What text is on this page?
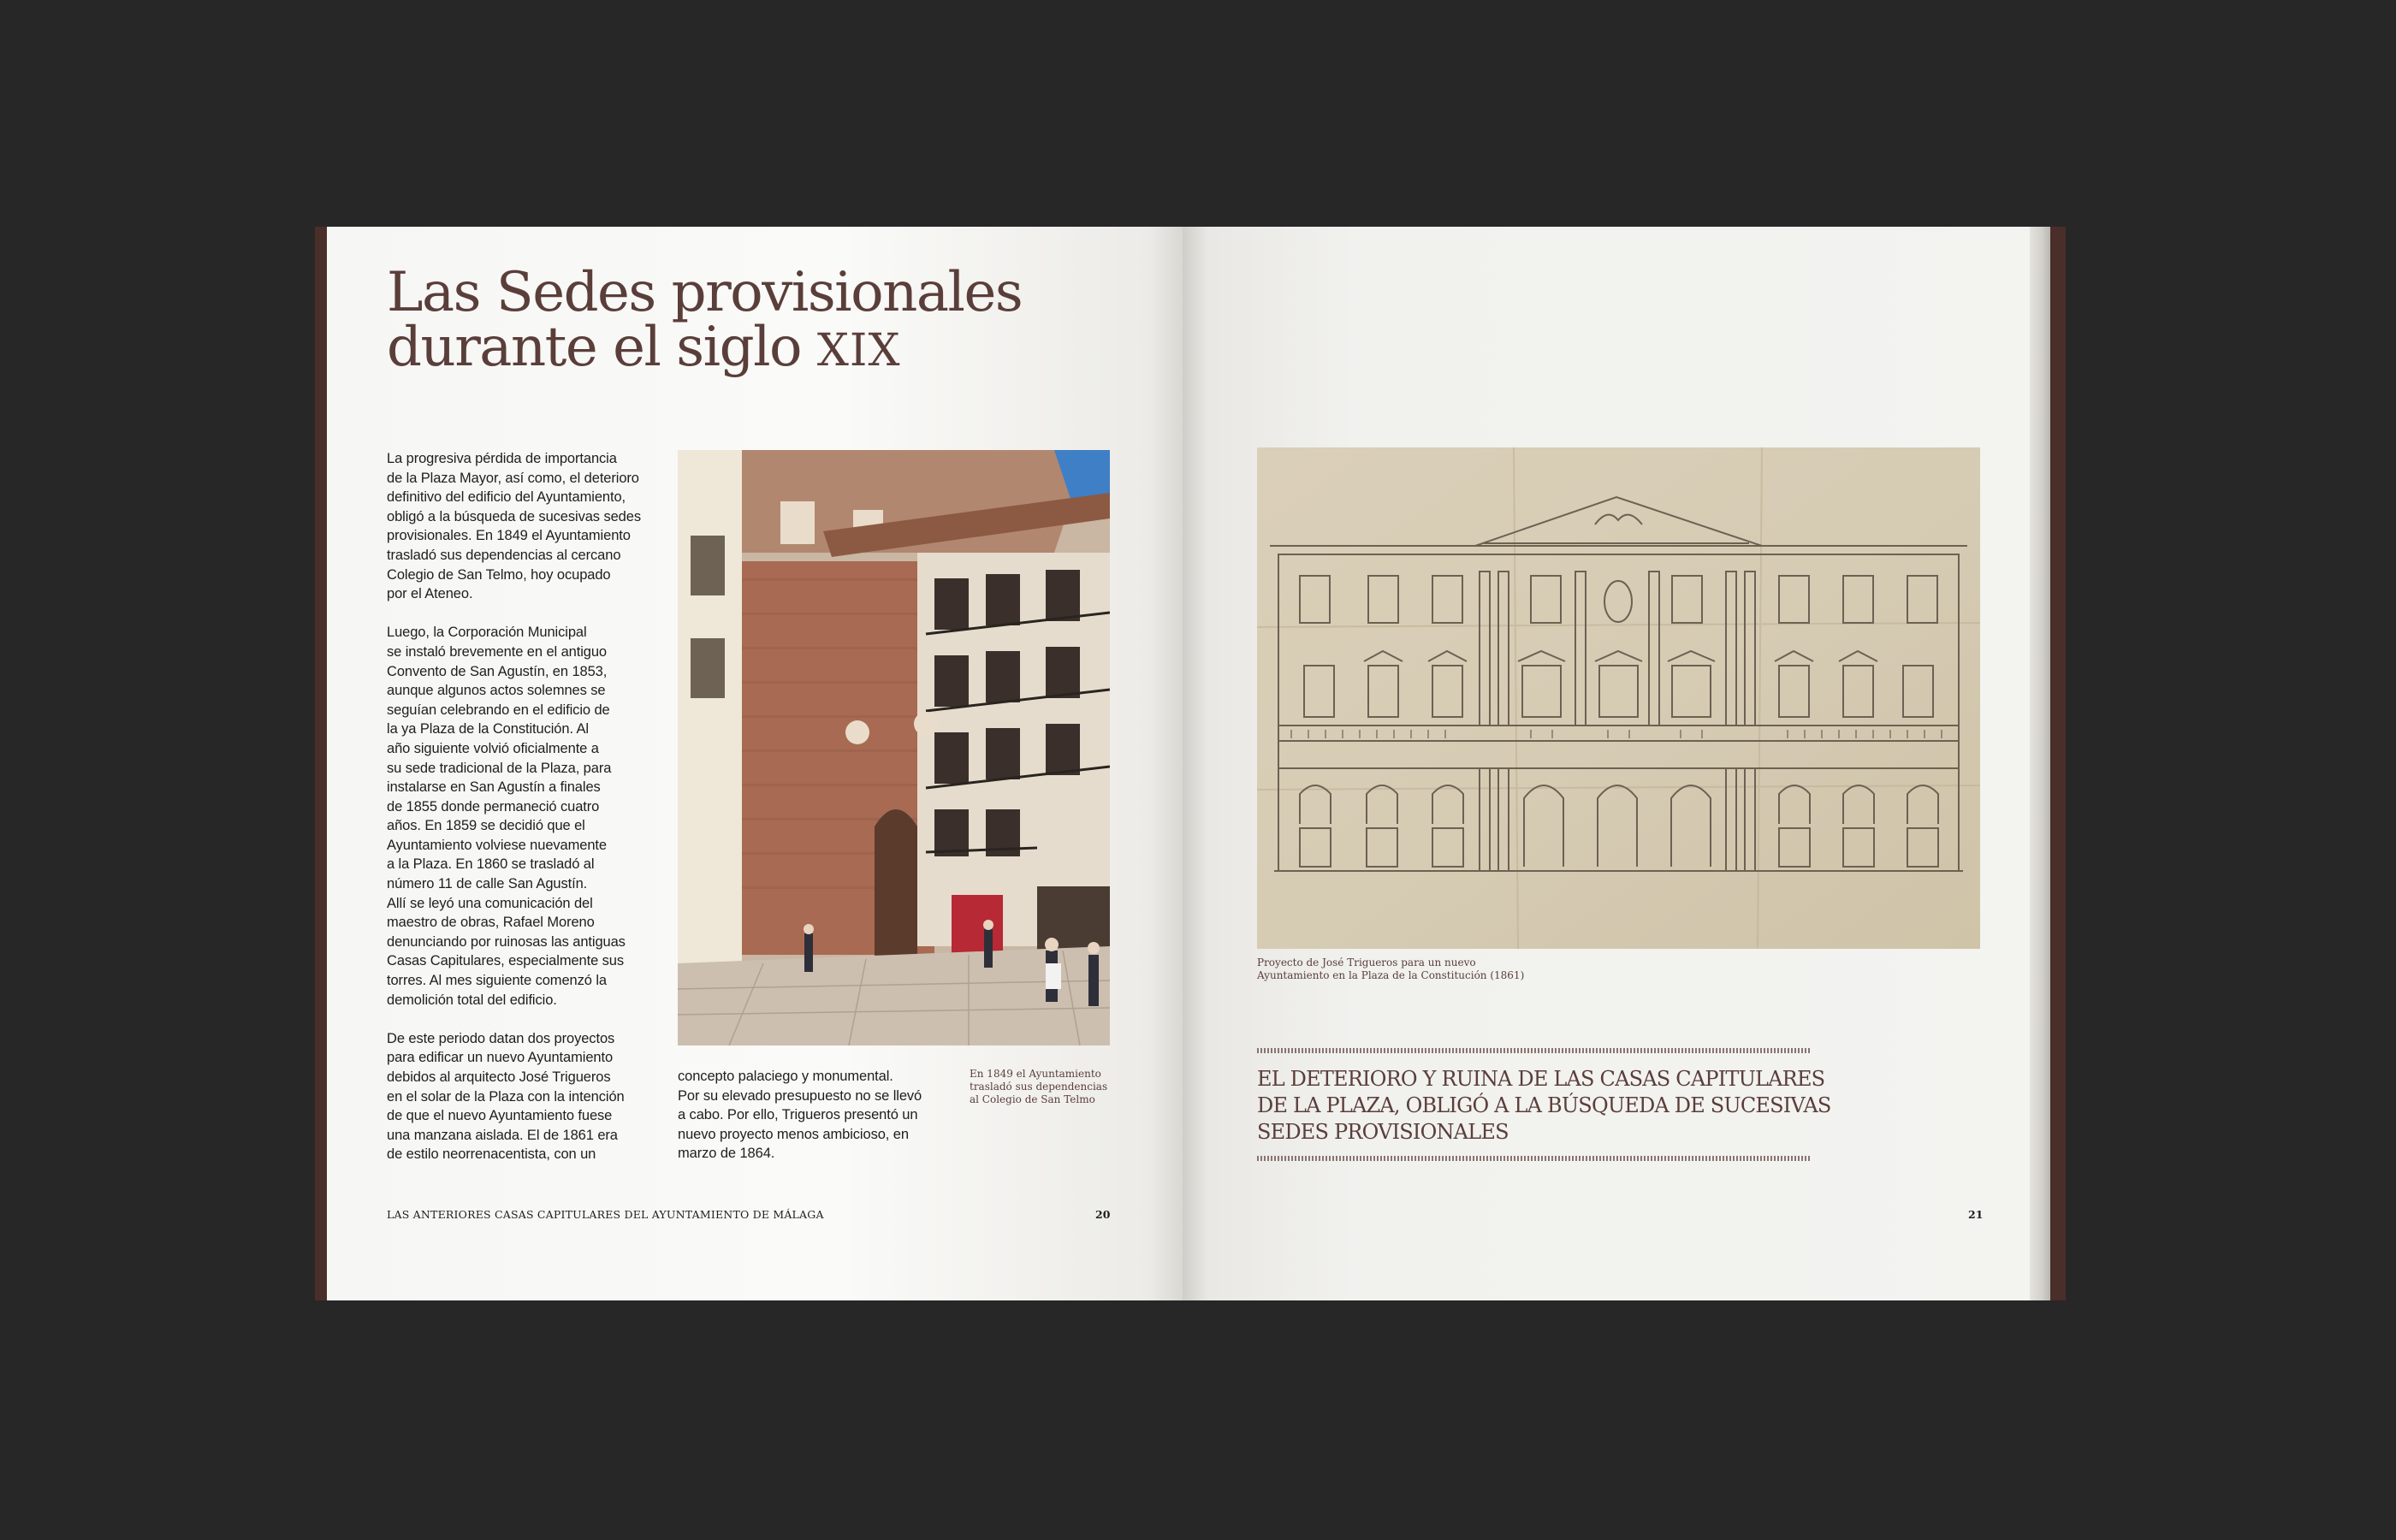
Las Sedes provisionales
durante el siglo XIX

La progresiva pérdida de importancia
de la Plaza Mayor, así como, el deterioro
definitivo del edificio del Ayuntamiento,
obligó a la búsqueda de sucesivas sedes
provisionales. En 1849 el Ayuntamiento
trasladó sus dependencias al cercano
Colegio de San Telmo, hoy ocupado
por el Ateneo.

Luego, la Corporación Municipal
se instaló brevemente en el antiguo
Convento de San Agustín, en 1853,
aunque algunos actos solemnes se
seguían celebrando en el edificio de
la ya Plaza de la Constitución. Al
año siguiente volvió oficialmente a
su sede tradicional de la Plaza, para
instalarse en San Agustín a finales
de 1855 donde permaneció cuatro
años. En 1859 se decidió que el
Ayuntamiento volviese nuevamente
a la Plaza. En 1860 se trasladó al
número 11 de calle San Agustín.
Allí se leyó una comunicación del
maestro de obras, Rafael Moreno
denunciando por ruinosas las antiguas
Casas Capitulares, especialmente sus
torres. Al mes siguiente comenzó la
demolición total del edificio.

De este periodo datan dos proyectos
para edificar un nuevo Ayuntamiento
debidos al arquitecto José Trigueros
en el solar de la Plaza con la intención
de que el nuevo Ayuntamiento fuese
una manzana aislada. El de 1861 era
de estilo neorrenacentista, con un

En 1849 el Ayuntamiento
trasladó sus dependencias
al Colegio de San Telmo

concepto palaciego y monumental.
Por su elevado presupuesto no se llevó
a cabo. Por ello, Trigueros presentó un
nuevo proyecto menos ambicioso, en
marzo de 1864.

LAS ANTERIORES CASAS CAPITULARES DEL AYUNTAMIENTO DE MÁLAGA	20	21
Proyecto de José Trigueros para un nuevo
Ayuntamiento en la Plaza de la Constitución (1861)

EL DETERIORO Y RUINA DE LAS CASAS CAPITULARES
DE LA PLAZA, OBLIGÓ A LA BÚSQUEDA DE SUCESIVAS
SEDES PROVISIONALES
